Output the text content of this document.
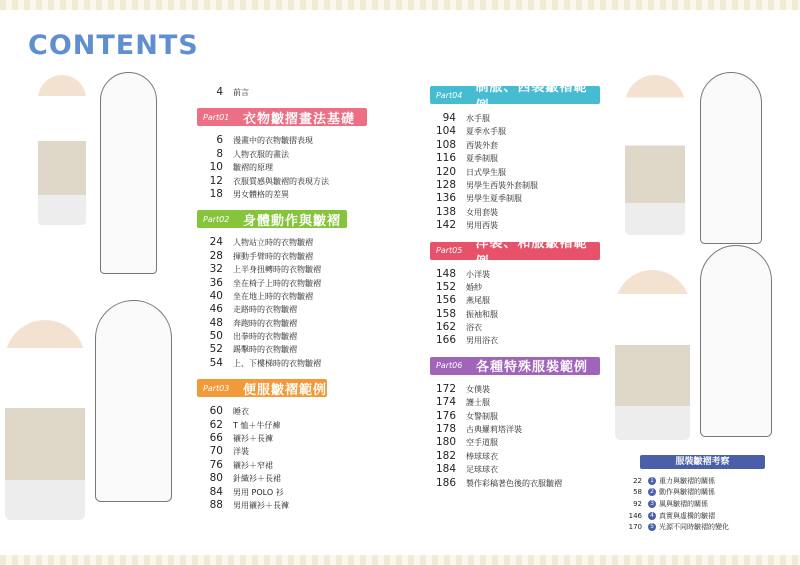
CONTENTS
4 前言
Part01	衣物皺摺畫法基礎
6 漫畫中的衣物皺摺表現
8 人物衣服的畫法
10 皺褶的原理
12 衣服質感與皺褶的表現方法
18 男女體格的差異
Part02	身體動作與皺褶
24 人物站立時的衣物皺褶
28 揮動手臂時的衣物皺褶
32 上半身扭轉時的衣物皺褶
36 坐在椅子上時的衣物皺褶
40 坐在地上時的衣物皺褶
46 走路時的衣物皺褶
48 奔跑時的衣物皺褶
50 出拳時的衣物皺褶
52 踢擊時的衣物皺褶
54 上、下樓梯時的衣物皺褶
Part03	便服皺褶範例
60 睡衣
62 T 恤＋牛仔褲
66 襯衫＋長褲
70 洋裝
76 襯衫＋窄裙
80 針織衫＋長裙
84 男用 POLO 衫
88 男用襯衫＋長褲
Part04	制服、西裝皺褶範例
94 水手服
104 夏季水手服
108 西裝外套
116 夏季制服
120 日式學生服
128 男學生西裝外套制服
136 男學生夏季制服
138 女用套裝
142 男用西裝
Part05	洋裝、和服皺褶範例
148 小洋裝
152 婚紗
156 燕尾服
158 振袖和服
162 浴衣
166 男用浴衣
Part06	各種特殊服裝範例
172 女僕裝
174 護士服
176 女警制服
178 古典羅莉塔洋裝
180 空手道服
182 棒球球衣
184 足球球衣
186 製作彩稿著色後的衣服皺褶
服裝皺褶考察
22	1 重力與皺褶的關係
58	2 動作與皺褶的關係
92	3 風與皺褶的關係
146	4 真實與虛構的皺褶
170	5 光源不同時皺褶的變化
